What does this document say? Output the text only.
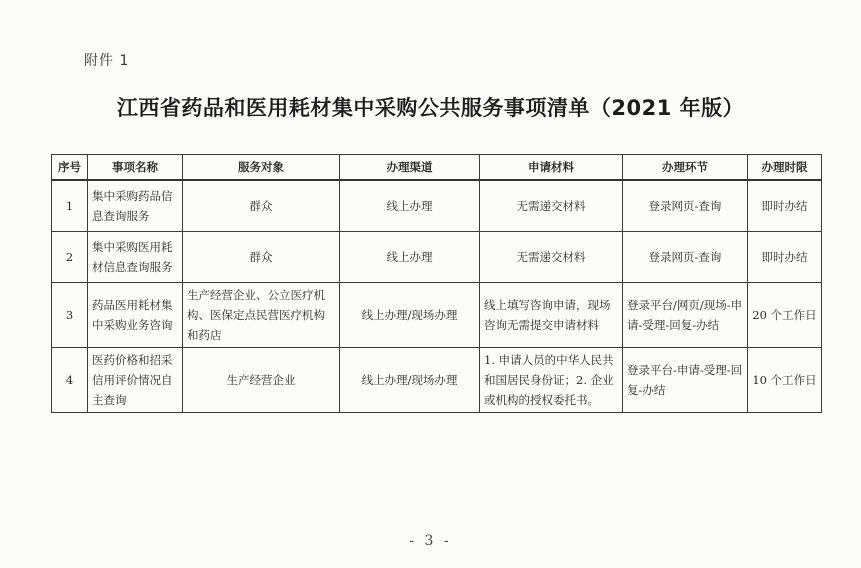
附件 1
江西省药品和医用耗材集中采购公共服务事项清单（2021 年版）
序号	事项名称	服务对象	办理渠道	申请材料	办理环节	办理时限
1	集中采购药品信息查询服务	群众	线上办理	无需递交材料	登录网页-查询	即时办结
2	集中采购医用耗材信息查询服务	群众	线上办理	无需递交材料	登录网页-查询	即时办结
3	药品医用耗材集中采购业务咨询	生产经营企业、公立医疗机构、医保定点民营医疗机构和药店	线上办理/现场办理	线上填写咨询申请，现场咨询无需提交申请材料	登录平台/网页/现场-申请-受理-回复-办结	20 个工作日
4	医药价格和招采信用评价情况自主查询	生产经营企业	线上办理/现场办理	1. 申请人员的中华人民共和国居民身份证；2. 企业或机构的授权委托书。	登录平台-申请-受理-回复-办结	10 个工作日
- 3 -
